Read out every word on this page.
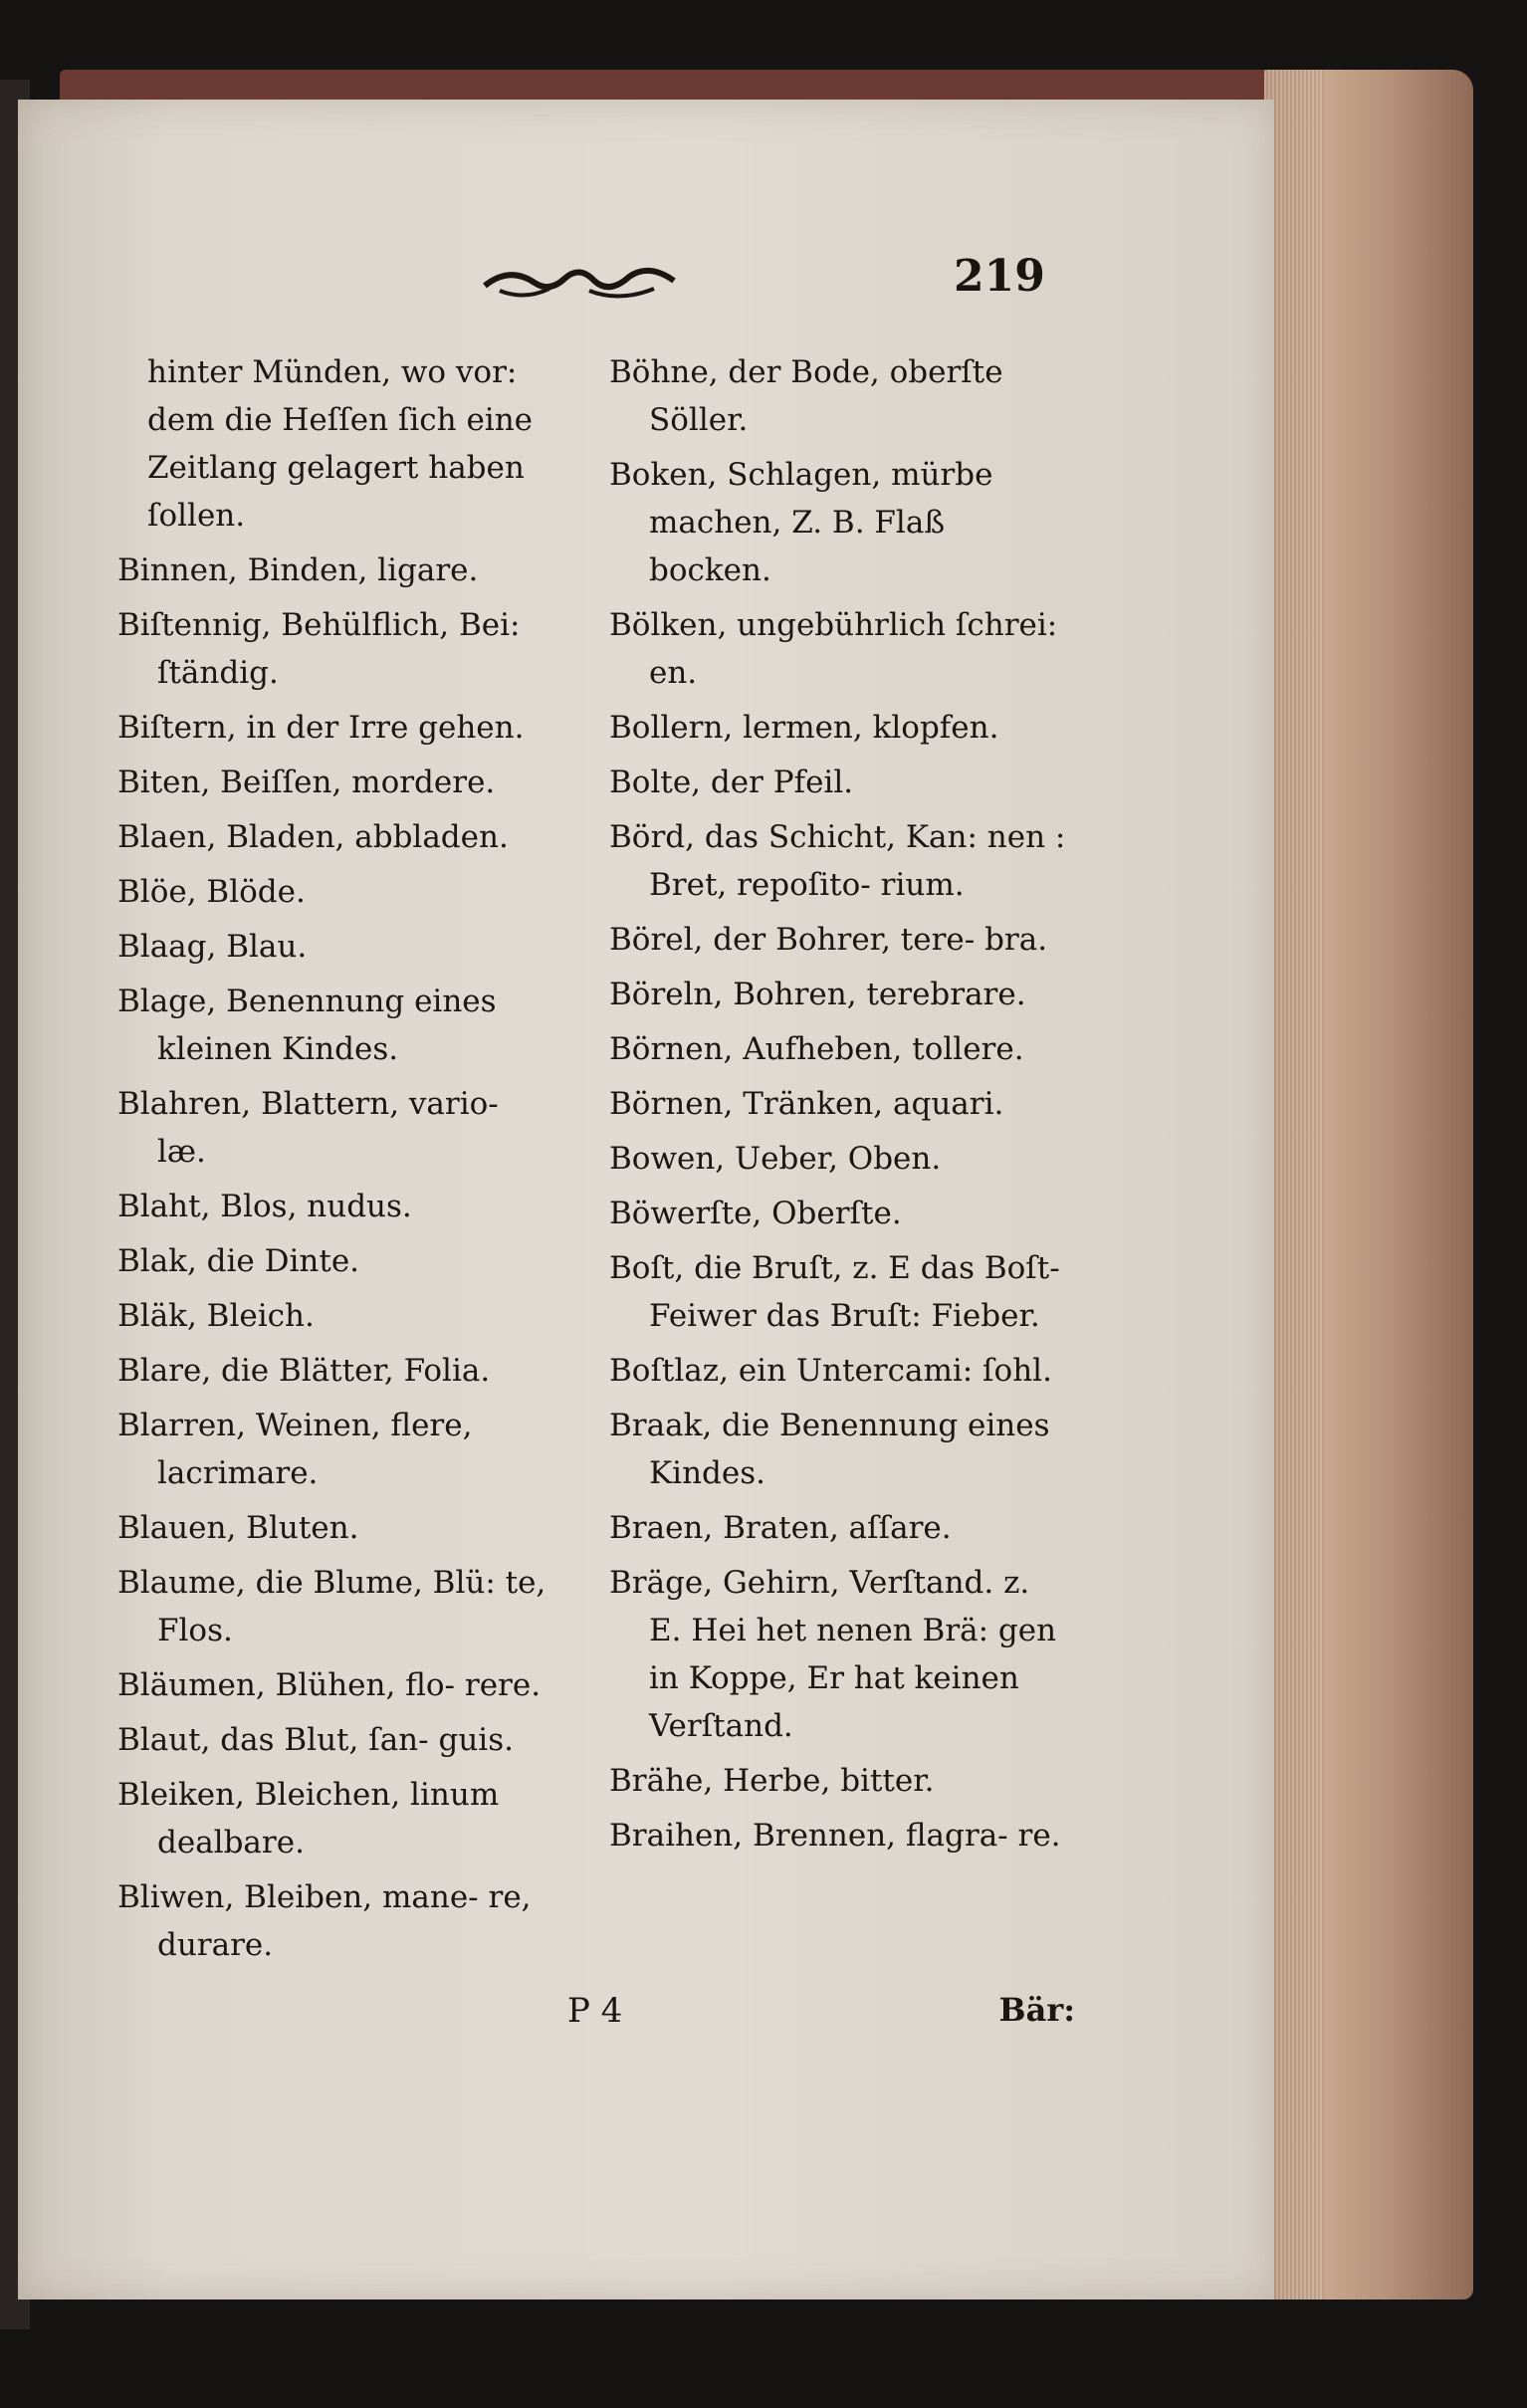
219
hinter Münden, wo vor: dem die Heſſen ſich eine Zeitlang gelagert haben ſollen.
Binnen, Binden, ligare.
Biſtennig, Behülflich, Bei: ſtändig.
Biſtern, in der Irre gehen.
Biten, Beiſſen, mordere.
Blaen, Bladen, abbladen.
Blöe, Blöde.
Blaag, Blau.
Blage, Benennung eines kleinen Kindes.
Blahren, Blattern, vario- læ.
Blaht, Blos, nudus.
Blak, die Dinte.
Bläk, Bleich.
Blare, die Blätter, Folia.
Blarren, Weinen, flere, lacrimare.
Blauen, Bluten.
Blaume, die Blume, Blü: te, Flos.
Bläumen, Blühen, flo- rere.
Blaut, das Blut, ſan- guis.
Bleiken, Bleichen, linum dealbare.
Bliwen, Bleiben, mane- re, durare.
Böhne, der Bode, oberſte Söller.
Boken, Schlagen, mürbe machen, Z. B. Flaß bocken.
Bölken, ungebührlich ſchrei: en.
Bollern, lermen, klopfen.
Bolte, der Pfeil.
Börd, das Schicht, Kan: nen : Bret, repoſito- rium.
Börel, der Bohrer, tere- bra.
Böreln, Bohren, terebrare.
Börnen, Aufheben, tollere.
Börnen, Tränken, aquari.
Bowen, Ueber, Oben.
Böwerſte, Oberſte.
Boſt, die Bruſt, z. E das Boſt-Feiwer das Bruſt: Fieber.
Boſtlaz, ein Untercami: ſohl.
Braak, die Benennung eines Kindes.
Braen, Braten, aſſare.
Bräge, Gehirn, Verſtand. z. E. Hei het nenen Brä: gen in Koppe, Er hat keinen Verſtand.
Brähe, Herbe, bitter.
Braihen, Brennen, flagra- re.
P 4	Bär:
